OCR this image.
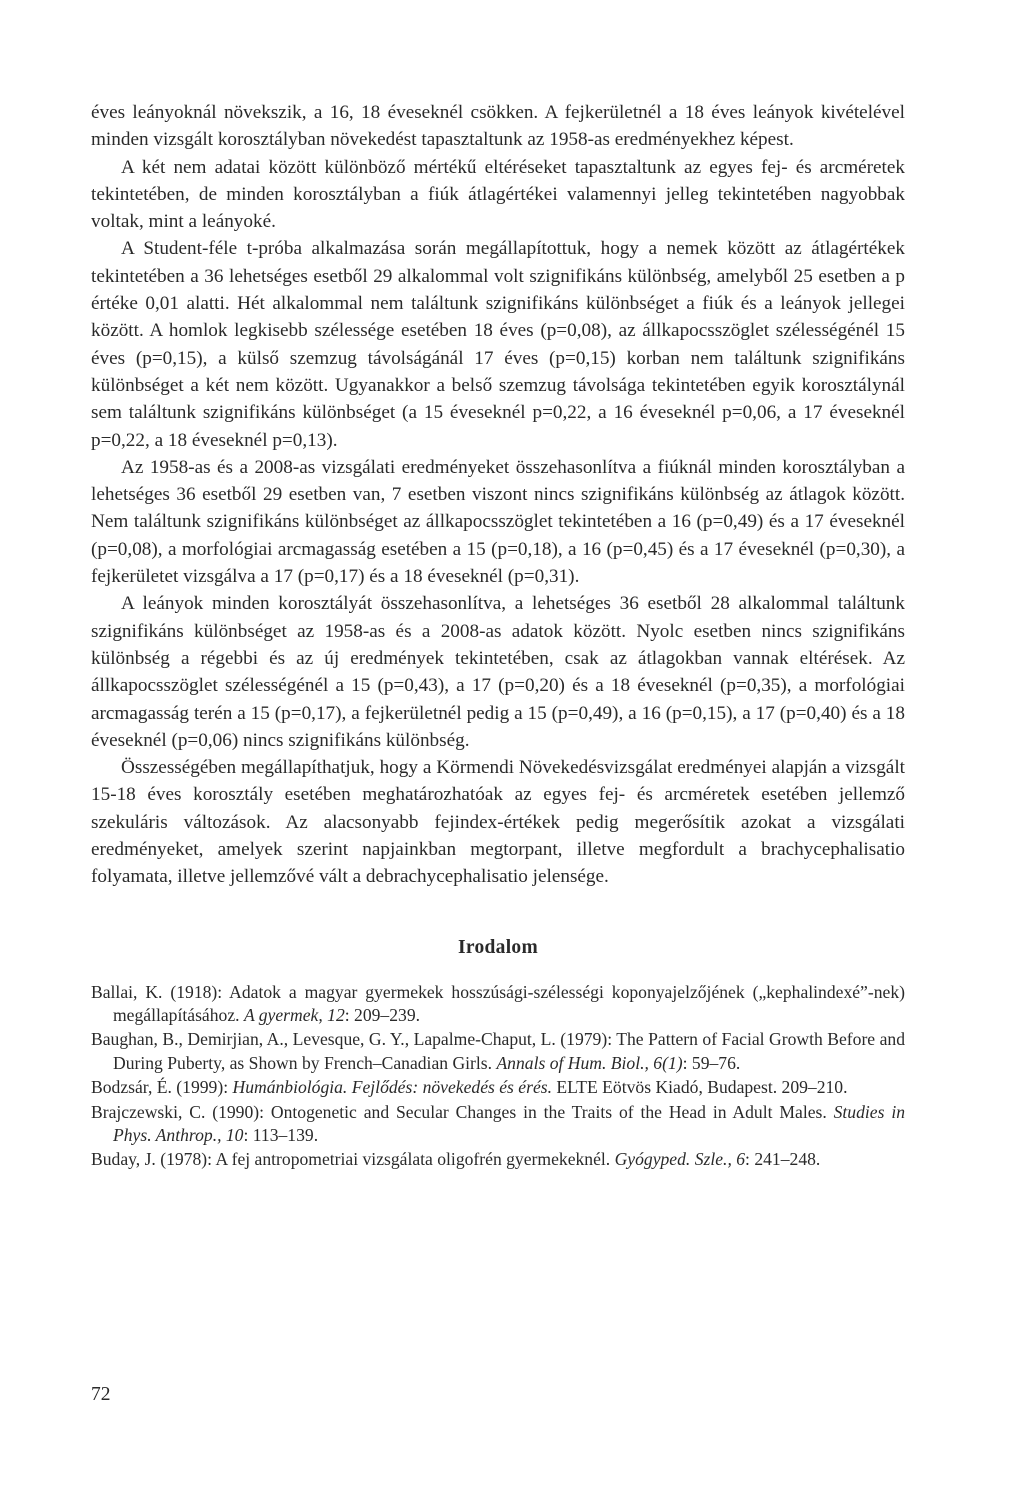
éves leányoknál növekszik, a 16, 18 éveseknél csökken. A fejkerületnél a 18 éves leányok kivételével minden vizsgált korosztályban növekedést tapasztaltunk az 1958-as eredményekhez képest.

A két nem adatai között különböző mértékű eltéréseket tapasztaltunk az egyes fej- és arcméretek tekintetében, de minden korosztályban a fiúk átlagértékei valamennyi jelleg tekintetében nagyobbak voltak, mint a leányoké.

A Student-féle t-próba alkalmazása során megállapítottuk, hogy a nemek között az átlagértékek tekintetében a 36 lehetséges esetből 29 alkalommal volt szignifikáns különbség, amelyből 25 esetben a p értéke 0,01 alatti. Hét alkalommal nem találtunk szignifikáns különbséget a fiúk és a leányok jellegei között. A homlok legkisebb szélessége esetében 18 éves (p=0,08), az állkapocsszöglet szélességénél 15 éves (p=0,15), a külső szemzug távolságánál 17 éves (p=0,15) korban nem találtunk szignifikáns különbséget a két nem között. Ugyanakkor a belső szemzug távolsága tekintetében egyik korosztálynál sem találtunk szignifikáns különbséget (a 15 éveseknél p=0,22, a 16 éveseknél p=0,06, a 17 éveseknél p=0,22, a 18 éveseknél p=0,13).

Az 1958-as és a 2008-as vizsgálati eredményeket összehasonlítva a fiúknál minden korosztályban a lehetséges 36 esetből 29 esetben van, 7 esetben viszont nincs szignifikáns különbség az átlagok között. Nem találtunk szignifikáns különbséget az állkapocsszöglet tekintetében a 16 (p=0,49) és a 17 éveseknél (p=0,08), a morfológiai arcmagasság esetében a 15 (p=0,18), a 16 (p=0,45) és a 17 éveseknél (p=0,30), a fejkerületet vizsgálva a 17 (p=0,17) és a 18 éveseknél (p=0,31).

A leányok minden korosztályát összehasonlítva, a lehetséges 36 esetből 28 alkalommal találtunk szignifikáns különbséget az 1958-as és a 2008-as adatok között. Nyolc esetben nincs szignifikáns különbség a régebbi és az új eredmények tekintetében, csak az átlagokban vannak eltérések. Az állkapocsszöglet szélességénél a 15 (p=0,43), a 17 (p=0,20) és a 18 éveseknél (p=0,35), a morfológiai arcmagasság terén a 15 (p=0,17), a fejkerületnél pedig a 15 (p=0,49), a 16 (p=0,15), a 17 (p=0,40) és a 18 éveseknél (p=0,06) nincs szignifikáns különbség.

Összességében megállapíthatjuk, hogy a Körmendi Növekedésvizsgálat eredményei alapján a vizsgált 15-18 éves korosztály esetében meghatározhatóak az egyes fej- és arcméretek esetében jellemző szekuláris változások. Az alacsonyabb fejindex-értékek pedig megerősítik azokat a vizsgálati eredményeket, amelyek szerint napjainkban megtorpant, illetve megfordult a brachycephalisatio folyamata, illetve jellemzővé vált a debrachycephalisatio jelensége.

Irodalom
Ballai, K. (1918): Adatok a magyar gyermekek hosszúsági-szélességi koponyajelzőjének („kephalindexé”-nek) megállapításához. A gyermek, 12: 209–239.
Baughan, B., Demirjian, A., Levesque, G. Y., Lapalme-Chaput, L. (1979): The Pattern of Facial Growth Before and During Puberty, as Shown by French–Canadian Girls. Annals of Hum. Biol., 6(1): 59–76.
Bodzsár, É. (1999): Humánbiológia. Fejlődés: növekedés és érés. ELTE Eötvös Kiadó, Budapest. 209–210.
Brajczewski, C. (1990): Ontogenetic and Secular Changes in the Traits of the Head in Adult Males. Studies in Phys. Anthrop., 10: 113–139.
Buday, J. (1978): A fej antropometriai vizsgálata oligofrén gyermekeknél. Gyógyped. Szle., 6: 241–248.
72
